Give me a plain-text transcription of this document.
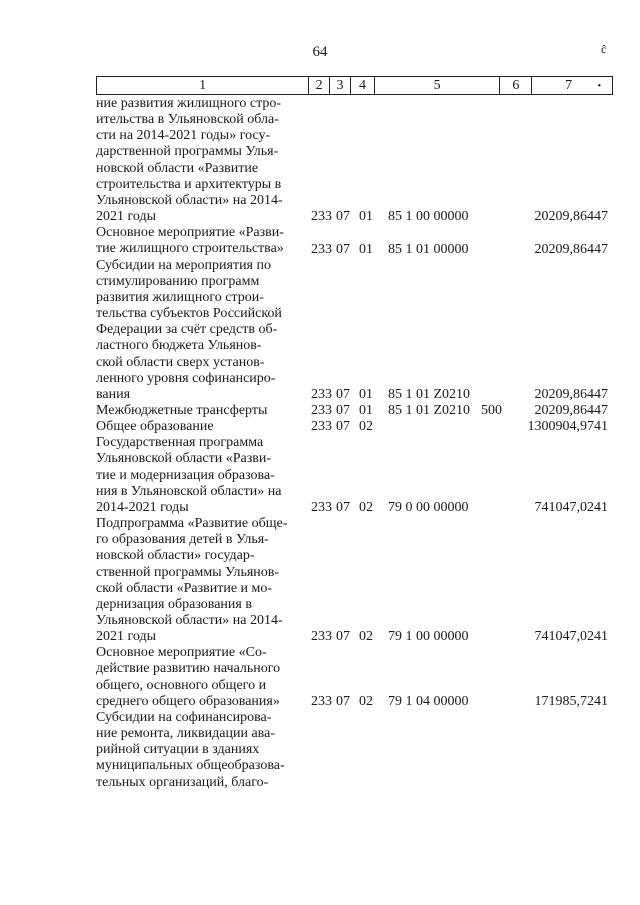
64	ĉ
1	2 3	4	5	6	7	•
ние развития жилищного стро-
ительства в Ульяновской обла-
сти на 2014-2021 годы» госу-
дарственной программы Улья-
новской области «Развитие
строительства и архитектуры в
Ульяновской области» на 2014-
2021 годы	233 07 01 85 1 00 00000	20209,86447
Основное мероприятие «Разви-
тие жилищного строительства»	233 07 01 85 1 01 00000	20209,86447
Субсидии на мероприятия по
стимулированию программ
развития жилищного строи-
тельства субъектов Российской
Федерации за счёт средств об-
ластного бюджета Ульянов-
ской области сверх установ-
ленного уровня софинансиро-
вания	233 07 01 85 1 01 Z0210	20209,86447
Межбюджетные трансферты	233 07 01 85 1 01 Z0210 500 20209,86447
Общее образование	233 07 02	1300904,9741
Государственная программа
Ульяновской области «Разви-
тие и модернизация образова-
ния в Ульяновской области» на
2014-2021 годы	233 07 02 79 0 00 00000	741047,0241
Подпрограмма «Развитие обще-
го образования детей в Улья-
новской области» государ-
ственной программы Ульянов-
ской области «Развитие и мо-
дернизация образования в
Ульяновской области» на 2014-
2021 годы	233 07 02 79 1 00 00000	741047,0241
Основное мероприятие «Со-
действие развитию начального
общего, основного общего и
среднего общего образования»	233 07 02 79 1 04 00000	171985,7241
Субсидии на софинансирова-
ние ремонта, ликвидации ава-
рийной ситуации в зданиях
муниципальных общеобразова-
тельных организаций, благо-
